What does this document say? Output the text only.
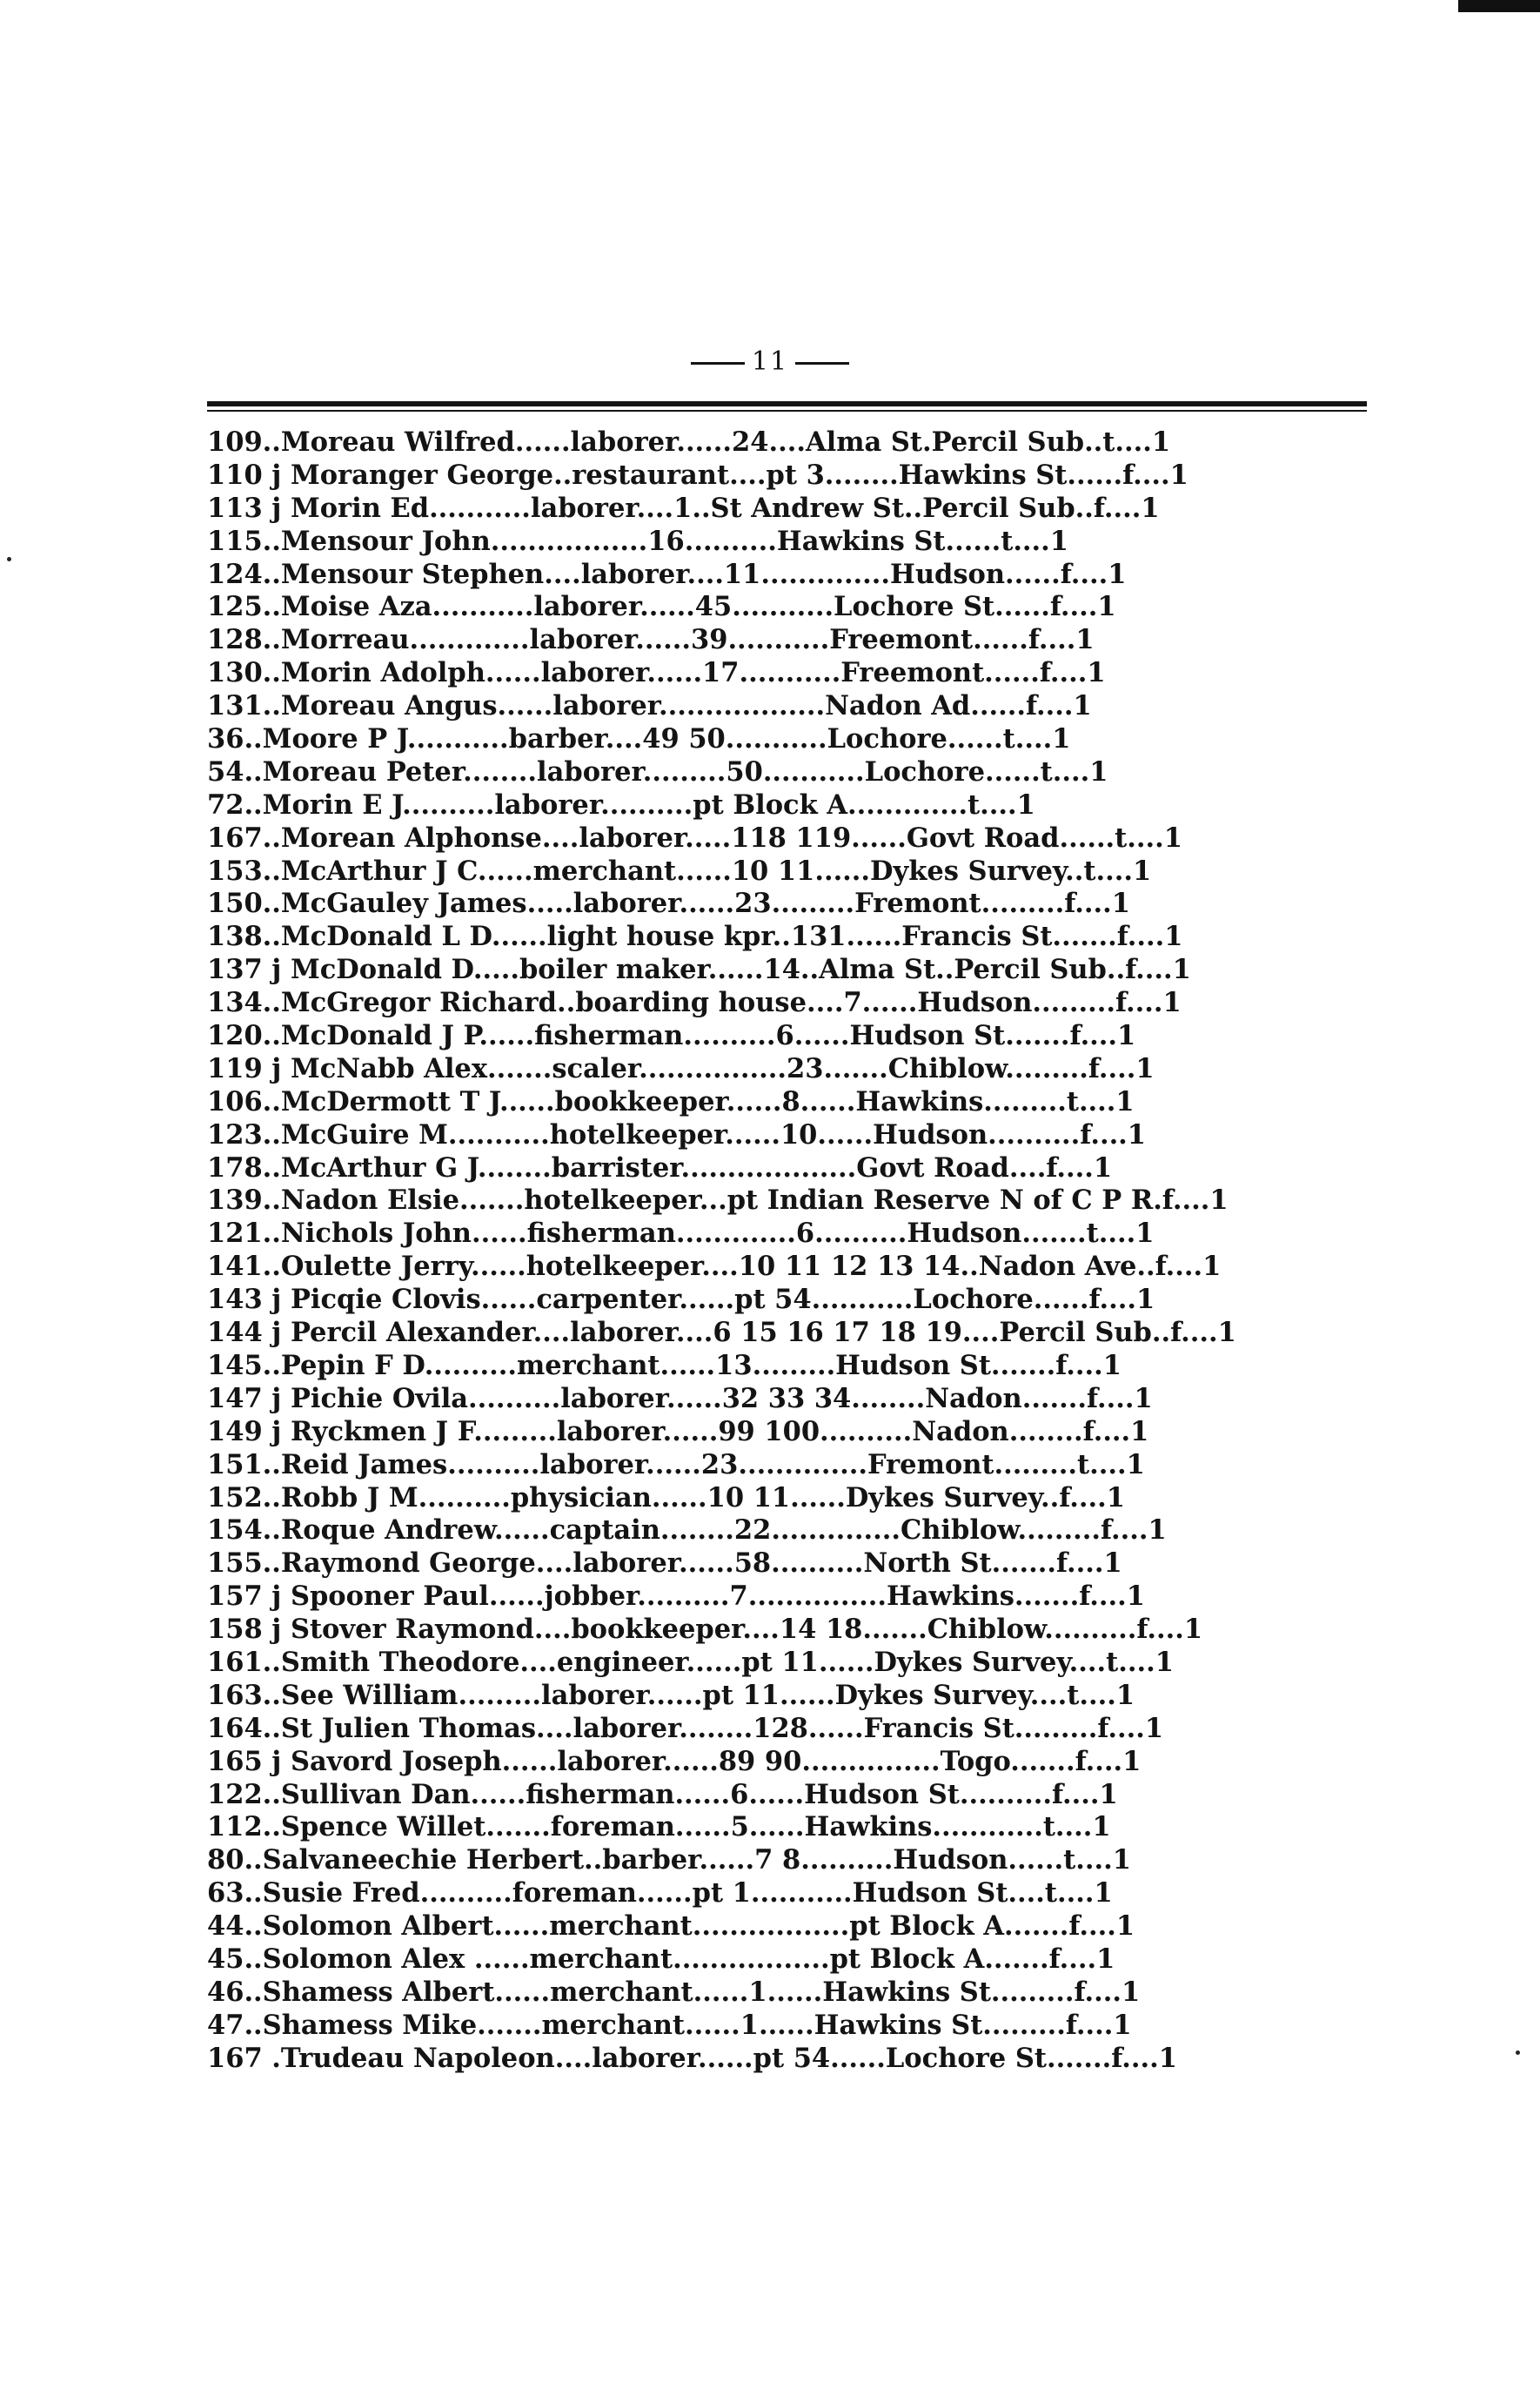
11
109..Moreau Wilfred......laborer......24....Alma St.Percil Sub..t....1
110 j Moranger George..restaurant....pt 3........Hawkins St......f....1
113 j Morin Ed...........laborer....1..St Andrew St..Percil Sub..f....1
115..Mensour John.................16..........Hawkins St......t....1
124..Mensour Stephen....laborer....11..............Hudson......f....1
125..Moise Aza...........laborer......45...........Lochore St......f....1
128..Morreau.............laborer......39...........Freemont......f....1
130..Morin Adolph......laborer......17...........Freemont......f....1
131..Moreau Angus......laborer..................Nadon Ad......f....1
36..Moore P J...........barber....49 50...........Lochore......t....1
54..Moreau Peter........laborer.........50...........Lochore......t....1
72..Morin E J..........laborer..........pt Block A.............t....1
167..Morean Alphonse....laborer.....118 119......Govt Road......t....1
153..McArthur J C......merchant......10 11......Dykes Survey..t....1
150..McGauley James.....laborer......23.........Fremont.........f....1
138..McDonald L D......light house kpr..131......Francis St.......f....1
137 j McDonald D.....boiler maker......14..Alma St..Percil Sub..f....1
134..McGregor Richard..boarding house....7......Hudson.........f....1
120..McDonald J P......fisherman..........6......Hudson St.......f....1
119 j McNabb Alex.......scaler................23.......Chiblow.........f....1
106..McDermott T J......bookkeeper......8......Hawkins.........t....1
123..McGuire M...........hotelkeeper......10......Hudson..........f....1
178..McArthur G J........barrister...................Govt Road....f....1
139..Nadon Elsie.......hotelkeeper...pt Indian Reserve N of C P R.f....1
121..Nichols John......fisherman.............6..........Hudson.......t....1
141..Oulette Jerry......hotelkeeper....10 11 12 13 14..Nadon Ave..f....1
143 j Picqie Clovis......carpenter......pt 54...........Lochore......f....1
144 j Percil Alexander....laborer....6 15 16 17 18 19....Percil Sub..f....1
145..Pepin F D..........merchant......13.........Hudson St.......f....1
147 j Pichie Ovila..........laborer......32 33 34........Nadon.......f....1
149 j Ryckmen J F.........laborer......99 100..........Nadon........f....1
151..Reid James..........laborer......23..............Fremont.........t....1
152..Robb J M..........physician......10 11......Dykes Survey..f....1
154..Roque Andrew......captain........22..............Chiblow.........f....1
155..Raymond George....laborer......58..........North St.......f....1
157 j Spooner Paul......jobber..........7...............Hawkins.......f....1
158 j Stover Raymond....bookkeeper....14 18.......Chiblow..........f....1
161..Smith Theodore....engineer......pt 11......Dykes Survey....t....1
163..See William.........laborer......pt 11......Dykes Survey....t....1
164..St Julien Thomas....laborer........128......Francis St.........f....1
165 j Savord Joseph......laborer......89 90...............Togo.......f....1
122..Sullivan Dan......fisherman......6......Hudson St..........f....1
112..Spence Willet.......foreman......5......Hawkins............t....1
80..Salvaneechie Herbert..barber......7 8..........Hudson......t....1
63..Susie Fred..........foreman......pt 1...........Hudson St....t....1
44..Solomon Albert......merchant.................pt Block A.......f....1
45..Solomon Alex ......merchant.................pt Block A.......f....1
46..Shamess Albert......merchant......1......Hawkins St.........f....1
47..Shamess Mike.......merchant......1......Hawkins St.........f....1
167 .Trudeau Napoleon....laborer......pt 54......Lochore St.......f....1
